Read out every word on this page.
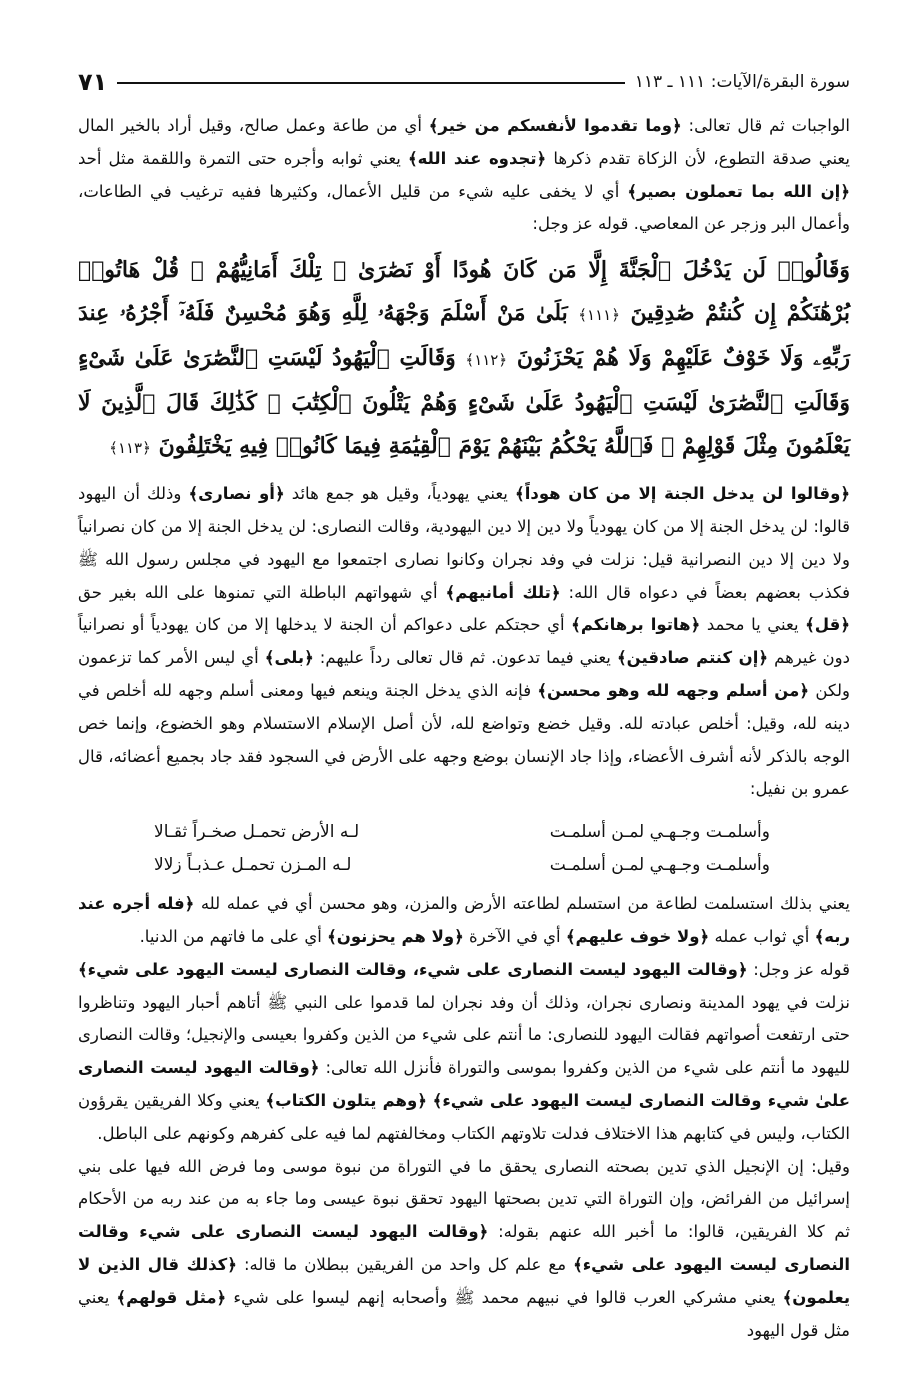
سورة البقرة/الآيات: ١١١ ـ ١١٣
٧١

الواجبات ثم قال تعالى: ﴿وما تقدموا لأنفسكم من خير﴾ أي من طاعة وعمل صالح، وقيل أراد بالخير المال يعني صدقة التطوع، لأن الزكاة تقدم ذكرها ﴿تجدوه عند الله﴾ يعني ثوابه وأجره حتى التمرة واللقمة مثل أحد ﴿إن الله بما تعملون بصير﴾ أي لا يخفى عليه شيء من قليل الأعمال، وكثيرها ففيه ترغيب في الطاعات، وأعمال البر وزجر عن المعاصي. قوله عز وجل:

وَقَالُوا۟ لَن يَدْخُلَ ٱلْجَنَّةَ إِلَّا مَن كَانَ هُودًا أَوْ نَصَٰرَىٰ ۗ تِلْكَ أَمَانِيُّهُمْ ۗ قُلْ هَاتُوا۟ بُرْهَٰنَكُمْ إِن كُنتُمْ صَٰدِقِينَ ﴿١١١﴾ بَلَىٰ مَنْ أَسْلَمَ وَجْهَهُۥ لِلَّهِ وَهُوَ مُحْسِنٌ فَلَهُۥٓ أَجْرُهُۥ عِندَ رَبِّهِۦ وَلَا خَوْفٌ عَلَيْهِمْ وَلَا هُمْ يَحْزَنُونَ ﴿١١٢﴾ وَقَالَتِ ٱلْيَهُودُ لَيْسَتِ ٱلنَّصَٰرَىٰ عَلَىٰ شَىْءٍ وَقَالَتِ ٱلنَّصَٰرَىٰ لَيْسَتِ ٱلْيَهُودُ عَلَىٰ شَىْءٍ وَهُمْ يَتْلُونَ ٱلْكِتَٰبَ ۗ كَذَٰلِكَ قَالَ ٱلَّذِينَ لَا يَعْلَمُونَ مِثْلَ قَوْلِهِمْ ۚ فَٱللَّهُ يَحْكُمُ بَيْنَهُمْ يَوْمَ ٱلْقِيَٰمَةِ فِيمَا كَانُوا۟ فِيهِ يَخْتَلِفُونَ ﴿١١٣﴾

﴿وقالوا لن يدخل الجنة إلا من كان هوداً﴾ يعني يهودياً، وقيل هو جمع هائد ﴿أو نصارى﴾ وذلك أن اليهود قالوا: لن يدخل الجنة إلا من كان يهودياً ولا دين إلا دين اليهودية، وقالت النصارى: لن يدخل الجنة إلا من كان نصرانياً ولا دين إلا دين النصرانية قيل: نزلت في وفد نجران وكانوا نصارى اجتمعوا مع اليهود في مجلس رسول الله ﷺ فكذب بعضهم بعضاً في دعواه قال الله: ﴿تلك أمانيهم﴾ أي شهواتهم الباطلة التي تمنوها على الله بغير حق ﴿قل﴾ يعني يا محمد ﴿هاتوا برهانكم﴾ أي حجتكم على دعواكم أن الجنة لا يدخلها إلا من كان يهودياً أو نصرانياً دون غيرهم ﴿إن كنتم صادقين﴾ يعني فيما تدعون. ثم قال تعالى رداً عليهم: ﴿بلى﴾ أي ليس الأمر كما تزعمون ولكن ﴿من أسلم وجهه لله وهو محسن﴾ فإنه الذي يدخل الجنة وينعم فيها ومعنى أسلم وجهه لله أخلص في دينه لله، وقيل: أخلص عبادته لله. وقيل خضع وتواضع لله، لأن أصل الإسلام الاستسلام وهو الخضوع، وإنما خص الوجه بالذكر لأنه أشرف الأعضاء، وإذا جاد الإنسان بوضع وجهه على الأرض في السجود فقد جاد بجميع أعضائه، قال عمرو بن نفيل:

وأسلمـت وجـهـي لمـن أسلمـت
لـه الأرض تحمـل صخـراً ثقـالا
وأسلمـت وجـهـي لمـن أسلمـت
لـه المـزن تحمـل عـذبـاً زلالا

يعني بذلك استسلمت لطاعة من استسلم لطاعته الأرض والمزن، وهو محسن أي في عمله لله ﴿فله أجره عند ربه﴾ أي ثواب عمله ﴿ولا خوف عليهم﴾ أي في الآخرة ﴿ولا هم يحزنون﴾ أي على ما فاتهم من الدنيا.

قوله عز وجل: ﴿وقالت اليهود ليست النصارى على شيء، وقالت النصارى ليست اليهود على شيء﴾ نزلت في يهود المدينة ونصارى نجران، وذلك أن وفد نجران لما قدموا على النبي ﷺ أتاهم أحبار اليهود وتناظروا حتى ارتفعت أصواتهم فقالت اليهود للنصارى: ما أنتم على شيء من الذين وكفروا بعيسى والإنجيل؛ وقالت النصارى لليهود ما أنتم على شيء من الذين وكفروا بموسى والتوراة فأنزل الله تعالى: ﴿وقالت اليهود ليست النصارى علىٰ شيء وقالت النصارى ليست اليهود على شيء﴾ ﴿وهم يتلون الكتاب﴾ يعني وكلا الفريقين يقرؤون الكتاب، وليس في كتابهم هذا الاختلاف فدلت تلاوتهم الكتاب ومخالفتهم لما فيه على كفرهم وكونهم على الباطل.

وقيل: إن الإنجيل الذي تدين بصحته النصارى يحقق ما في التوراة من نبوة موسى وما فرض الله فيها على بني إسرائيل من الفرائض، وإن التوراة التي تدين بصحتها اليهود تحقق نبوة عيسى وما جاء به من عند ربه من الأحكام ثم كلا الفريقين، قالوا: ما أخبر الله عنهم بقوله: ﴿وقالت اليهود ليست النصارى على شيء وقالت النصارى ليست اليهود على شيء﴾ مع علم كل واحد من الفريقين ببطلان ما قاله: ﴿كذلك قال الذين لا يعلمون﴾ يعني مشركي العرب قالوا في نبيهم محمد ﷺ وأصحابه إنهم ليسوا على شيء ﴿مثل قولهم﴾ يعني مثل قول اليهود
